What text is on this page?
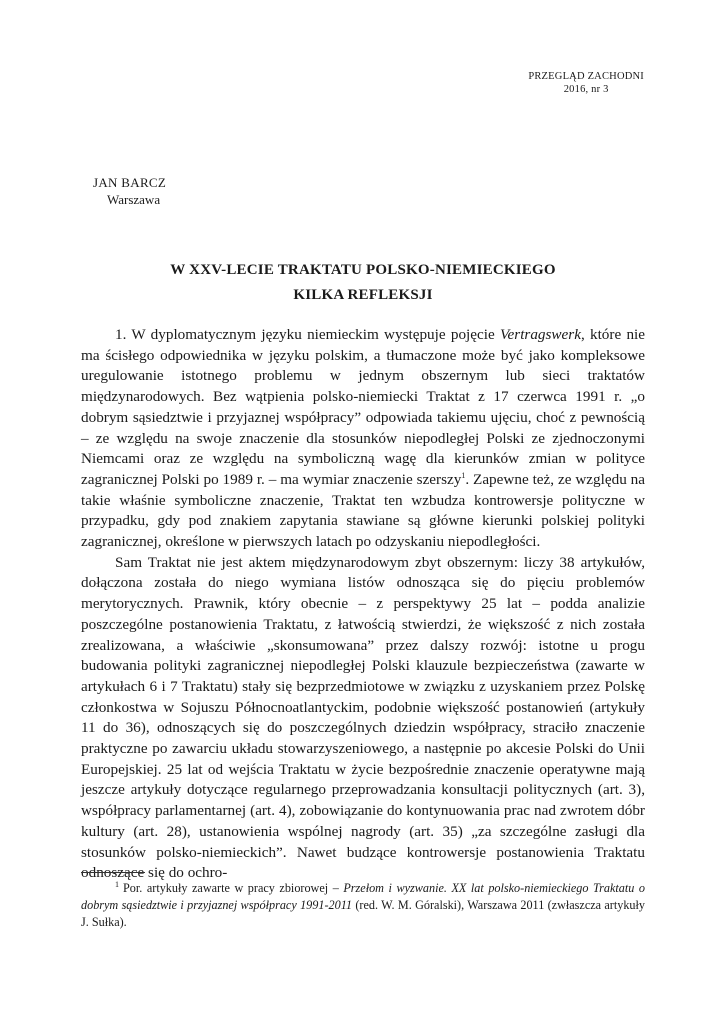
PRZEGLĄD ZACHODNI
2016, nr 3
JAN BARCZ
Warszawa
W XXV-LECIE TRAKTATU POLSKO-NIEMIECKIEGO
KILKA REFLEKSJI

1. W dyplomatycznym języku niemieckim występuje pojęcie Vertragswerk, które nie ma ścisłego odpowiednika w języku polskim, a tłumaczone może być jako kompleksowe uregulowanie istotnego problemu w jednym obszernym lub sieci traktatów międzynarodowych. Bez wątpienia polsko-niemiecki Traktat z 17 czerwca 1991 r. „o dobrym sąsiedztwie i przyjaznej współpracy” odpowiada takiemu ujęciu, choć z pewnością – ze względu na swoje znaczenie dla stosunków niepodległej Polski ze zjednoczonymi Niemcami oraz ze względu na symboliczną wagę dla kierunków zmian w polityce zagranicznej Polski po 1989 r. – ma wymiar znaczenie szerszy$^1$. Zapewne też, ze względu na takie właśnie symboliczne znaczenie, Traktat ten wzbudza kontrowersje polityczne w przypadku, gdy pod znakiem zapytania stawiane są główne kierunki polskiej polityki zagranicznej, określone w pierwszych latach po odzyskaniu niepodległości.

Sam Traktat nie jest aktem międzynarodowym zbyt obszernym: liczy 38 artykułów, dołączona została do niego wymiana listów odnosząca się do pięciu problemów merytorycznych. Prawnik, który obecnie – z perspektywy 25 lat – podda analizie poszczególne postanowienia Traktatu, z łatwością stwierdzi, że większość z nich została zrealizowana, a właściwie „skonsumowana” przez dalszy rozwój: istotne u progu budowania polityki zagranicznej niepodległej Polski klauzule bezpieczeństwa (zawarte w artykułach 6 i 7 Traktatu) stały się bezprzedmiotowe w związku z uzyskaniem przez Polskę członkostwa w Sojuszu Północnoatlantyckim, podobnie większość postanowień (artykuły 11 do 36), odnoszących się do poszczególnych dziedzin współpracy, straciło znaczenie praktyczne po zawarciu układu stowarzyszeniowego, a następnie po akcesie Polski do Unii Europejskiej. 25 lat od wejścia Traktatu w życie bezpośrednie znaczenie operatywne mają jeszcze artykuły dotyczące regularnego przeprowadzania konsultacji politycznych (art. 3), współpracy parlamentarnej (art. 4), zobowiązanie do kontynuowania prac nad zwrotem dóbr kultury (art. 28), ustanowienia wspólnej nagrody (art. 35) „za szczególne zasługi dla stosunków polsko-niemieckich”. Nawet budzące kontrowersje postanowienia Traktatu odnoszące się do ochro-

$^1$ Por. artykuły zawarte w pracy zbiorowej – Przełom i wyzwanie. XX lat polsko-niemieckiego Traktatu o dobrym sąsiedztwie i przyjaznej współpracy 1991-2011 (red. W. M. Góralski), Warszawa 2011 (zwłaszcza artykuły J. Sułka).
